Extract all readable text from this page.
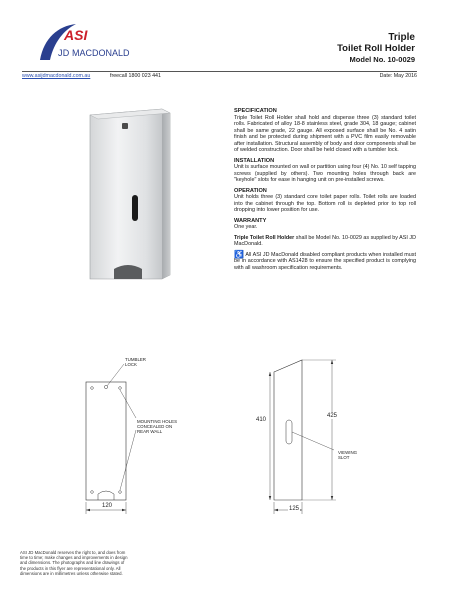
ASI
JD MACDONALD
Triple
Toilet Roll Holder
Model No. 10-0029
www.asijdmacdonald.com.au	freecall 1800 023 441	Date: May 2016
SPECIFICATION

Triple Toilet Roll Holder shall hold and dispense three (3) standard toilet rolls. Fabricated of alloy 18-8 stainless steel, grade 304, 18 gauge; cabinet shall be same grade, 22 gauge. All exposed surface shall be No. 4 satin finish and be protected during shipment with a PVC film easily removable after installation. Structural assembly of body and door components shall be of welded construction. Door shall be held closed with a tumbler lock.

INSTALLATION

Unit is surface mounted on wall or partition using four (4) No. 10 self tapping screws (supplied by others). Two mounting holes through back are "keyhole" slots for ease in hanging unit on pre-installed screws.

OPERATION

Unit holds three (3) standard core toilet paper rolls. Toilet rolls are loaded into the cabinet through the top. Bottom roll is depleted prior to top roll dropping into lower position for use.

WARRANTY

One year.

Triple Toilet Roll Holder shall be Model No. 10-0029 as supplied by ASI JD MacDonald.

♿ All ASI JD MacDonald disabled compliant products when installed must be in accordance with AS1428 to ensure the specified product is complying with all washroom specification requirements.

TUMBLER
LOCK
MOUNTING HOLES
CONCEALED ON
REAR WALL
120
410
425
VIEWING
SLOT
125
ASI JD MacDonald reserves the right to, and does from time to time; make changes and improvements in design and dimensions. The photographs and line drawings of the products in this flyer are representational only. All dimensions are in millimetres unless otherwise stated.
